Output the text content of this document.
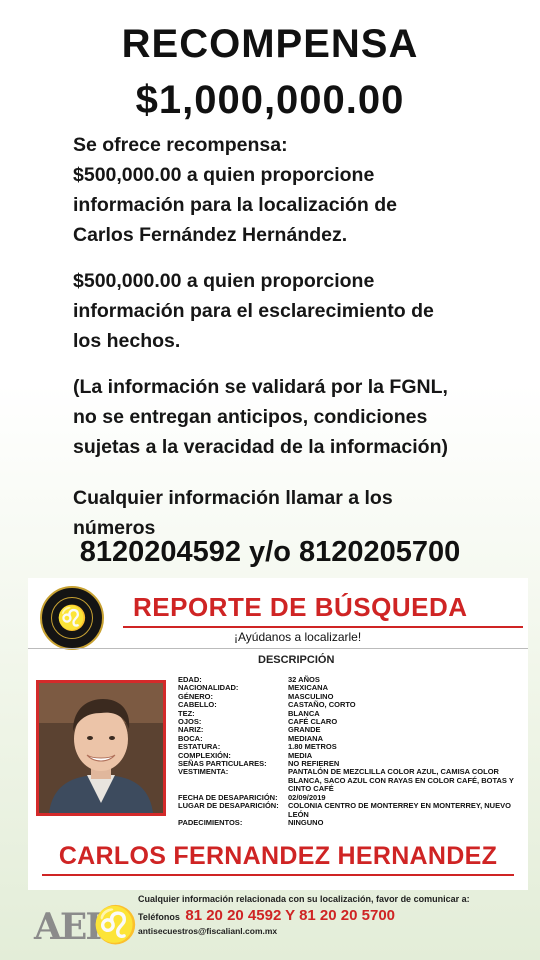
RECOMPENSA
$1,000,000.00
Se ofrece recompensa:
$500,000.00 a quien proporcione
información para la localización de
Carlos Fernández Hernández.
$500,000.00 a quien proporcione
información para el esclarecimiento de
los hechos.
(La información se validará por la FGNL,
no se entregan anticipos, condiciones
sujetas a la veracidad de la información)
Cualquier información llamar a los
números
8120204592 y/o 8120205700
♌ REPORTE DE BÚSQUEDA
¡Ayúdanos a localizarle!
DESCRIPCIÓN
EDAD:	32 AÑOS
NACIONALIDAD:	MEXICANA
GÉNERO:	MASCULINO
CABELLO:	CASTAÑO, CORTO
TEZ:	BLANCA
OJOS:	CAFÉ CLARO
NARIZ:	GRANDE
BOCA:	MEDIANA
ESTATURA:	1.80 METROS
COMPLEXIÓN:	MEDIA
SEÑAS PARTICULARES:	NO REFIEREN
VESTIMENTA:	PANTALÓN DE MEZCLILLA COLOR AZUL, CAMISA COLOR BLANCA, SACO AZUL CON RAYAS EN COLOR CAFÉ, BOTAS Y CINTO CAFÉ
FECHA DE DESAPARICIÓN:	02/09/2019
LUGAR DE DESAPARICIÓN:	COLONIA CENTRO DE MONTERREY EN MONTERREY, NUEVO LEÓN
PADECIMIENTOS:	NINGUNO
CARLOS FERNANDEZ HERNANDEZ
AEI
♌
Cualquier información relacionada con su localización, favor de comunicar a:
Teléfonos 81 20 20 4592 Y 81 20 20 5700
antisecuestros@fiscalianl.com.mx
